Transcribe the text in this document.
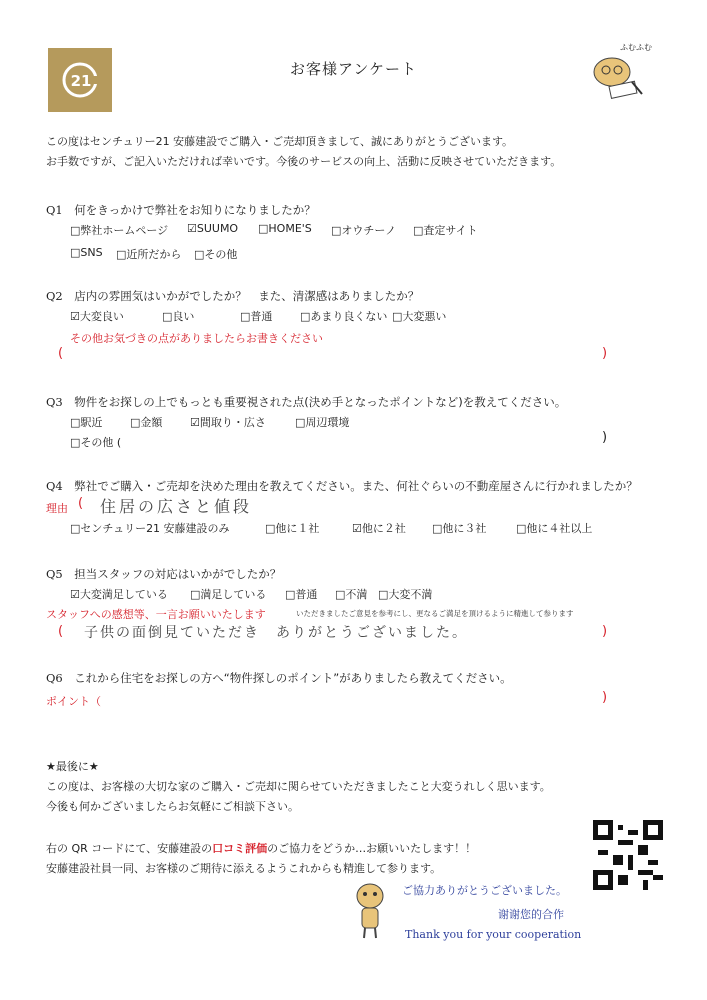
21
お客様アンケート
ふむふむ
この度はセンチュリー21 安藤建設でご購入・ご売却頂きまして、誠にありがとうございます。
お手数ですが、ご記入いただければ幸いです。今後のサービスの向上、活動に反映させていただきます。
Q1　 何をきっかけで弊社をお知りになりましたか？
□弊社ホームページ ☑SUUMO □HOME'S □オウチーノ □査定サイト
□SNS □近所だから □その他
Q2　 店内の雰囲気はいかがでしたか？　また、清潔感はありましたか？
☑大変良い	□良い	□普通	□あまり良くない □大変悪い
その他お気づきの点がありましたらお書きください
(	)
Q3　 物件をお探しの上でもっとも重要視された点(決め手となったポイントなど)を教えてください。
□駅近	□金額	☑間取り・広さ	□周辺環境
□その他 (	)
Q4　 弊社でご購入・ご売却を決めた理由を教えてください。また、何社ぐらいの不動産屋さんに行かれましたか？
理由 ( 住居の広さと値段
□センチュリー21 安藤建設のみ	□他に１社	☑他に２社 □他に３社	□他に４社以上
Q5　 担当スタッフの対応はいかがでしたか？
☑大変満足している □満足している □普通 □不満 □大変不満
スタッフへの感想等、一言お願いいたします	いただきましたご意見を参考にし、更なるご満足を頂けるように精進して参ります
( 子供の面倒見ていただき　ありがとうございました。	)
Q6　 これから住宅をお探しの方へ“物件探しのポイント”がありましたら教えてください。
ポイント（	)
★最後に★
この度は、お客様の大切な家のご購入・ご売却に関らせていただきましたこと大変うれしく思います。
今後も何かございましたらお気軽にご相談下さい。
右の QR コードにて、安藤建設の口コミ評価のご協力をどうか…お願いいたします！！
安藤建設社員一同、お客様のご期待に添えるようこれからも精進して参ります。
ご協力ありがとうございました。
谢谢您的合作
Thank you for your cooperation
